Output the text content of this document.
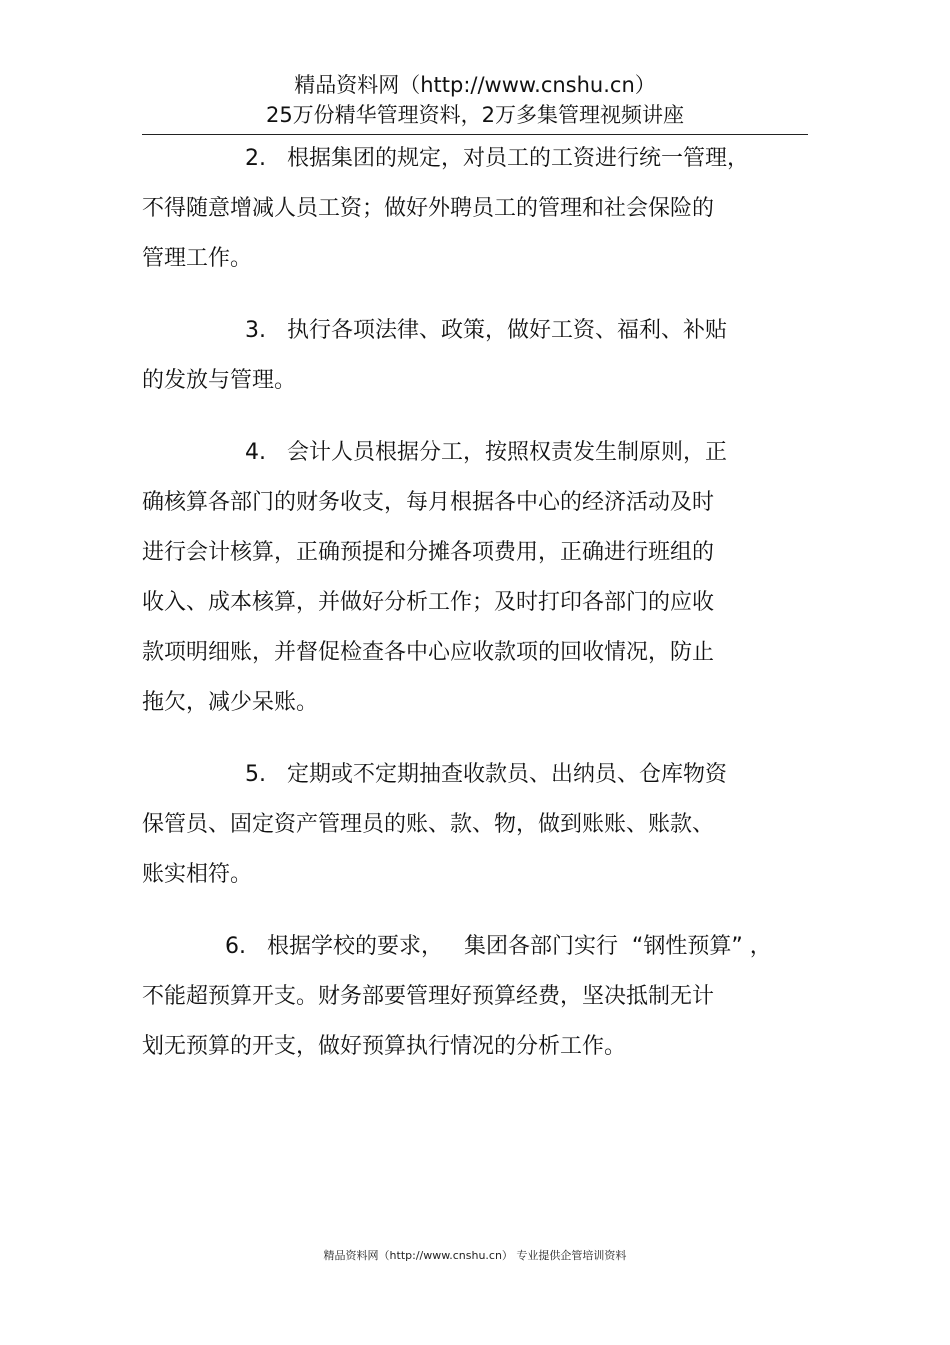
精品资料网（http://www.cnshu.cn）
25万份精华管理资料，2万多集管理视频讲座
2.   根据集团的规定，对员工的工资进行统一管理，
不得随意增减人员工资；做好外聘员工的管理和社会保险的
管理工作。
3.   执行各项法律、政策，做好工资、福利、补贴
的发放与管理。
4.   会计人员根据分工，按照权责发生制原则，正
确核算各部门的财务收支，每月根据各中心的经济活动及时
进行会计核算，正确预提和分摊各项费用，正确进行班组的
收入、成本核算，并做好分析工作；及时打印各部门的应收
款项明细账，并督促检查各中心应收款项的回收情况，防止
拖欠，减少呆账。
5.   定期或不定期抽查收款员、出纳员、仓库物资
保管员、固定资产管理员的账、款、物，做到账账、账款、
账实相符。
6.   根据学校的要求，   集团各部门实行  “钢性预算” ，
不能超预算开支。财务部要管理好预算经费，坚决抵制无计
划无预算的开支，做好预算执行情况的分析工作。
精品资料网（http://www.cnshu.cn） 专业提供企管培训资料
